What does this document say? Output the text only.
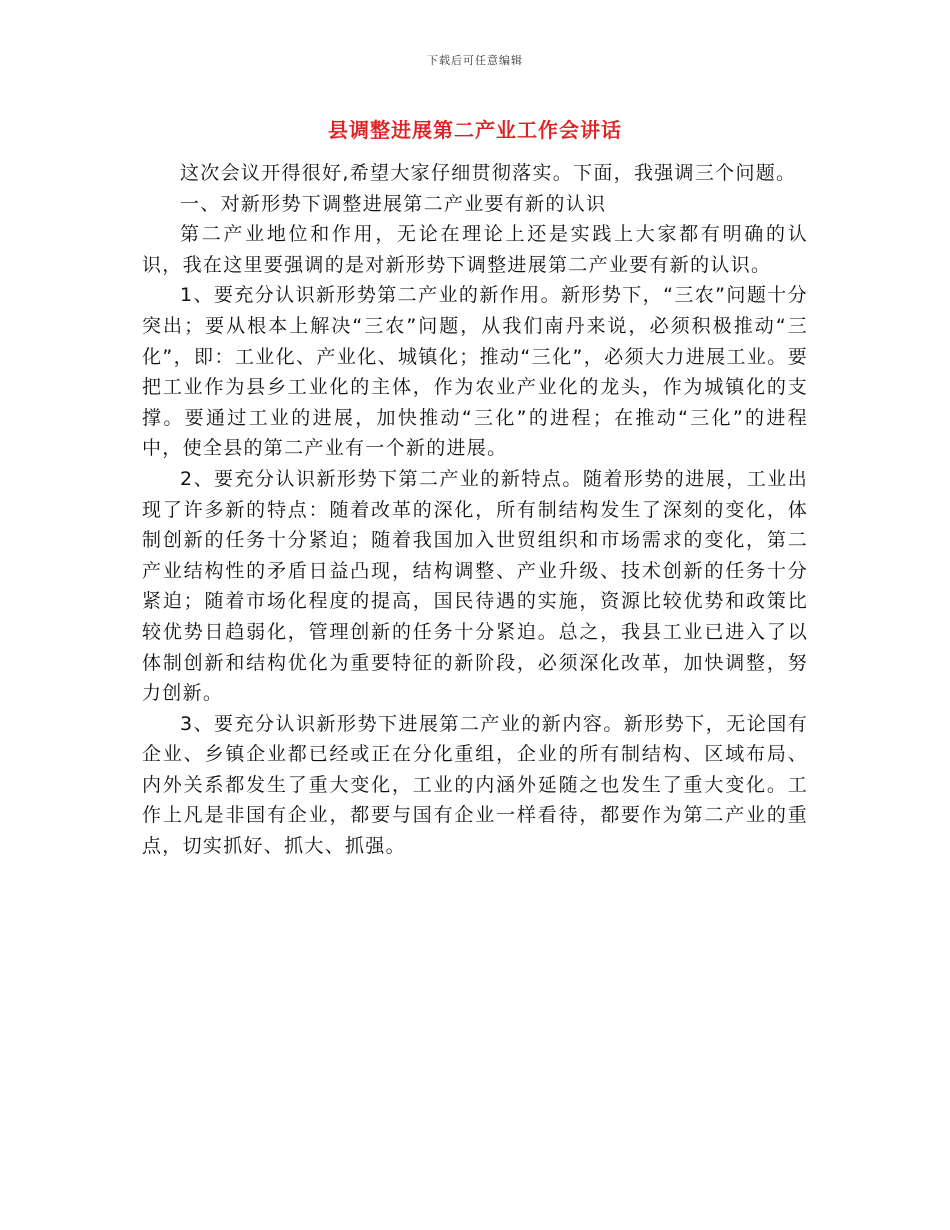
下载后可任意编辑
县调整进展第二产业工作会讲话

这次会议开得很好,希望大家仔细贯彻落实。下面，我强调三个问题。

一、对新形势下调整进展第二产业要有新的认识

第二产业地位和作用，无论在理论上还是实践上大家都有明确的认识，我在这里要强调的是对新形势下调整进展第二产业要有新的认识。

1、要充分认识新形势第二产业的新作用。新形势下，“三农”问题十分突出；要从根本上解决“三农”问题，从我们南丹来说，必须积极推动“三化”，即：工业化、产业化、城镇化；推动“三化”，必须大力进展工业。要把工业作为县乡工业化的主体，作为农业产业化的龙头，作为城镇化的支撑。要通过工业的进展，加快推动“三化”的进程；在推动“三化”的进程中，使全县的第二产业有一个新的进展。

2、要充分认识新形势下第二产业的新特点。随着形势的进展，工业出现了许多新的特点：随着改革的深化，所有制结构发生了深刻的变化，体制创新的任务十分紧迫；随着我国加入世贸组织和市场需求的变化，第二产业结构性的矛盾日益凸现，结构调整、产业升级、技术创新的任务十分紧迫；随着市场化程度的提高，国民待遇的实施，资源比较优势和政策比较优势日趋弱化，管理创新的任务十分紧迫。总之，我县工业已进入了以体制创新和结构优化为重要特征的新阶段，必须深化改革，加快调整，努力创新。

3、要充分认识新形势下进展第二产业的新内容。新形势下，无论国有企业、乡镇企业都已经或正在分化重组，企业的所有制结构、区域布局、内外关系都发生了重大变化，工业的内涵外延随之也发生了重大变化。工作上凡是非国有企业，都要与国有企业一样看待，都要作为第二产业的重点，切实抓好、抓大、抓强。
